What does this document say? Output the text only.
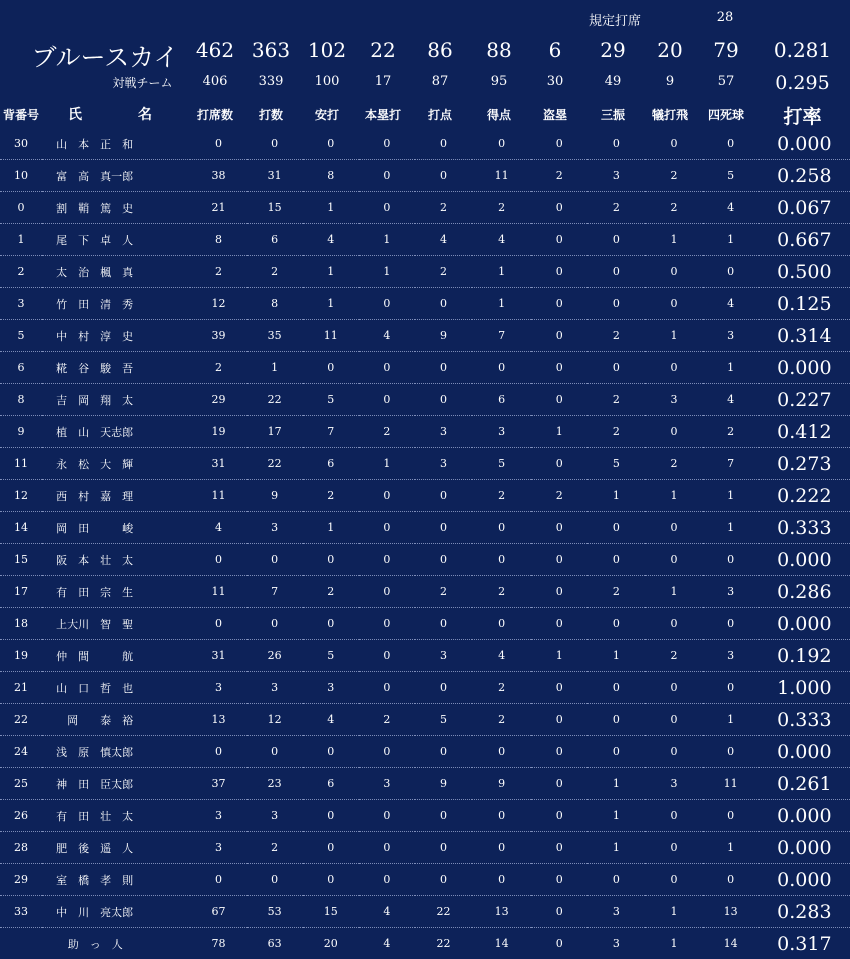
規定打席	28
ブルースカイ 462 363 102	22	86	88	6	29	20	79	0.281
対戦チーム	406	339	100	17	87	95	30	49	9	57	0.295
背番号	氏	名	打席数	打数	安打	本塁打	打点	得点	盗塁	三振	犠打飛	四死球	打率
30	山　本　正　和	0	0	0	0	0	0	0	0	0	0	0.000
10	富　高　真一郎	38	31	8	0	0	11	2	3	2	5	0.258
0	割　鞘　篤　史	21	15	1	0	2	2	0	2	2	4	0.067
1	尾　下　卓　人	8	6	4	1	4	4	0	0	1	1	0.667
2	太　治　楓　真	2	2	1	1	2	1	0	0	0	0	0.500
3	竹　田　清　秀	12	8	1	0	0	1	0	0	0	4	0.125
5	中　村　淳　史	39	35	11	4	9	7	0	2	1	3	0.314
6	糀　谷　駿　吾	2	1	0	0	0	0	0	0	0	1	0.000
8	吉　岡　翔　太	29	22	5	0	0	6	0	2	3	4	0.227
9	植　山　天志郎	19	17	7	2	3	3	1	2	0	2	0.412
11	永　松　大　輝	31	22	6	1	3	5	0	5	2	7	0.273
12	西　村　嘉　理	11	9	2	0	0	2	2	1	1	1	0.222
14	岡　田　　　峻	4	3	1	0	0	0	0	0	0	1	0.333
15	阪　本　壮　太	0	0	0	0	0	0	0	0	0	0	0.000
17	有　田　宗　生	11	7	2	0	2	2	0	2	1	3	0.286
18	上大川　智　聖	0	0	0	0	0	0	0	0	0	0	0.000
19	仲　間　　　航	31	26	5	0	3	4	1	1	2	3	0.192
21	山　口　哲　也	3	3	3	0	0	2	0	0	0	0	1.000
22	　岡　　泰　裕	13	12	4	2	5	2	0	0	0	1	0.333
24	浅　原　慎太郎	0	0	0	0	0	0	0	0	0	0	0.000
25	神　田　臣太郎	37	23	6	3	9	9	0	1	3	11	0.261
26	有　田　壮　太	3	3	0	0	0	0	0	1	0	0	0.000
28	肥　後　遥　人	3	2	0	0	0	0	0	1	0	1	0.000
29	室　橋　孝　則	0	0	0	0	0	0	0	0	0	0	0.000
33	中　川　亮太郎	67	53	15	4	22	13	0	3	1	13	0.283
助　っ　人		78	63	20	4	22	14	0	3	1	14	0.317
